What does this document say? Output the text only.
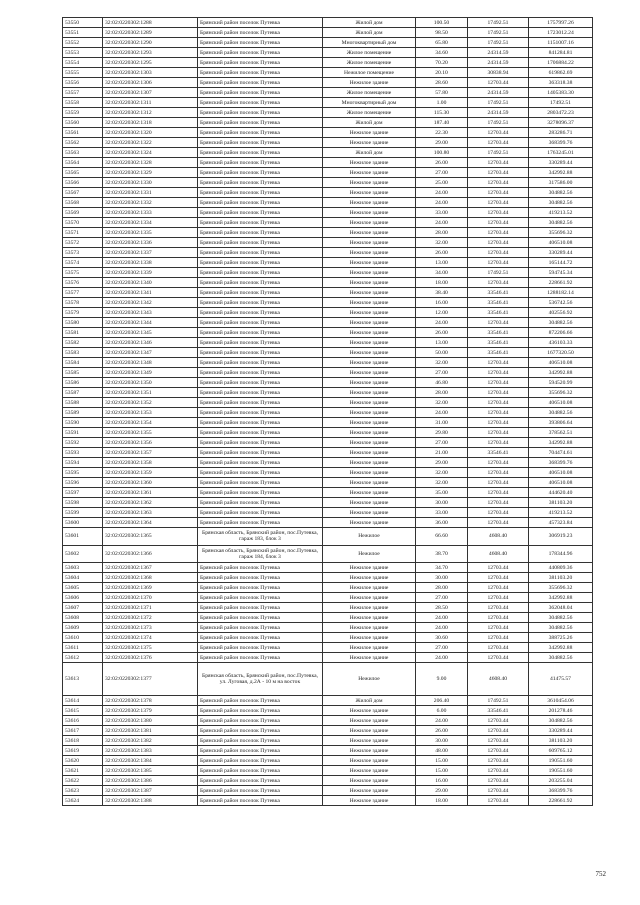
53550	32:02:0220302:1288	Брянский район поселок Путевка	Жилой дом	100.50	17492.51	1757997.26
53551	32:02:0220302:1289	Брянский район поселок Путевка	Жилой дом	98.50	17492.51	1723012.24
53552	32:02:0220302:1290	Брянский район поселок Путевка	Многоквартирный дом	65.80	17492.51	1151007.16
53553	32:02:0220302:1293	Брянский район поселок Путевка	Жилое помещение	34.60	24314.59	841284.81
53554	32:02:0220302:1295	Брянский район поселок Путевка	Жилое помещение	70.20	24314.59	1706884.22
53555	32:02:0220302:1303	Брянский район поселок Путевка	Нежилое помещение	20.10	30838.94	619862.69
53556	32:02:0220302:1306	Брянский район поселок Путевка	Нежилое здание	28.60	12703.44	363318.38
53557	32:02:0220302:1307	Брянский район поселок Путевка	Жилое помещение	57.80	24314.59	1405383.30
53558	32:02:0220302:1311	Брянский район поселок Путевка	Многоквартирный дом	1.00	17492.51	17492.51
53559	32:02:0220302:1312	Брянский район поселок Путевка	Жилое помещение	115.30	24314.59	2803472.23
53560	32:02:0220302:1318	Брянский район поселок Путевка	Жилой дом	187.40	17492.51	3278096.37
53561	32:02:0220302:1320	Брянский район поселок Путевка	Нежилое здание	22.30	12703.44	283286.71
53562	32:02:0220302:1322	Брянский район поселок Путевка	Нежилое здание	29.00	12703.44	368399.76
53563	32:02:0220302:1324	Брянский район поселок Путевка	Жилой дом	100.80	17492.51	1763245.01
53564	32:02:0220302:1328	Брянский район поселок Путевка	Нежилое здание	26.00	12703.44	330289.44
53565	32:02:0220302:1329	Брянский район поселок Путевка	Нежилое здание	27.00	12703.44	342992.88
53566	32:02:0220302:1330	Брянский район поселок Путевка	Нежилое здание	25.00	12703.44	317586.00
53567	32:02:0220302:1331	Брянский район поселок Путевка	Нежилое здание	24.00	12703.44	304882.56
53568	32:02:0220302:1332	Брянский район поселок Путевка	Нежилое здание	24.00	12703.44	304882.56
53569	32:02:0220302:1333	Брянский район поселок Путевка	Нежилое здание	33.00	12703.44	419213.52
53570	32:02:0220302:1334	Брянский район поселок Путевка	Нежилое здание	24.00	12703.44	304882.56
53571	32:02:0220302:1335	Брянский район поселок Путевка	Нежилое здание	28.00	12703.44	355696.32
53572	32:02:0220302:1336	Брянский район поселок Путевка	Нежилое здание	32.00	12703.44	406510.08
53573	32:02:0220302:1337	Брянский район поселок Путевка	Нежилое здание	26.00	12703.44	330289.44
53574	32:02:0220302:1338	Брянский район поселок Путевка	Нежилое здание	13.00	12703.44	165144.72
53575	32:02:0220302:1339	Брянский район поселок Путевка	Нежилое здание	34.00	17492.51	594745.34
53576	32:02:0220302:1340	Брянский район поселок Путевка	Нежилое здание	18.00	12703.44	228661.92
53577	32:02:0220302:1341	Брянский район поселок Путевка	Нежилое здание	38.40	33546.41	1288182.14
53578	32:02:0220302:1342	Брянский район поселок Путевка	Нежилое здание	16.00	33546.41	536742.56
53579	32:02:0220302:1343	Брянский район поселок Путевка	Нежилое здание	12.00	33546.41	402556.92
53580	32:02:0220302:1344	Брянский район поселок Путевка	Нежилое здание	24.00	12703.44	304882.56
53581	32:02:0220302:1345	Брянский район поселок Путевка	Нежилое здание	26.00	33546.41	872206.66
53582	32:02:0220302:1346	Брянский район поселок Путевка	Нежилое здание	13.00	33546.41	436103.33
53583	32:02:0220302:1347	Брянский район поселок Путевка	Нежилое здание	50.00	33546.41	1677320.50
53584	32:02:0220302:1348	Брянский район поселок Путевка	Нежилое здание	32.00	12703.44	406510.08
53585	32:02:0220302:1349	Брянский район поселок Путевка	Нежилое здание	27.00	12703.44	342992.88
53586	32:02:0220302:1350	Брянский район поселок Путевка	Нежилое здание	46.80	12703.44	594520.99
53587	32:02:0220302:1351	Брянский район поселок Путевка	Нежилое здание	28.00	12703.44	355696.32
53588	32:02:0220302:1352	Брянский район поселок Путевка	Нежилое здание	32.00	12703.44	406510.08
53589	32:02:0220302:1353	Брянский район поселок Путевка	Нежилое здание	24.00	12703.44	304882.56
53590	32:02:0220302:1354	Брянский район поселок Путевка	Нежилое здание	31.00	12703.44	393806.64
53591	32:02:0220302:1355	Брянский район поселок Путевка	Нежилое здание	29.80	12703.44	378562.51
53592	32:02:0220302:1356	Брянский район поселок Путевка	Нежилое здание	27.00	12703.44	342992.88
53593	32:02:0220302:1357	Брянский район поселок Путевка	Нежилое здание	21.00	33546.41	704474.61
53594	32:02:0220302:1358	Брянский район поселок Путевка	Нежилое здание	29.00	12703.44	368399.76
53595	32:02:0220302:1359	Брянский район поселок Путевка	Нежилое здание	32.00	12703.44	406510.08
53596	32:02:0220302:1360	Брянский район поселок Путевка	Нежилое здание	32.00	12703.44	406510.08
53597	32:02:0220302:1361	Брянский район поселок Путевка	Нежилое здание	35.00	12703.44	444620.40
53598	32:02:0220302:1362	Брянский район поселок Путевка	Нежилое здание	30.00	12703.44	381103.20
53599	32:02:0220302:1363	Брянский район поселок Путевка	Нежилое здание	33.00	12703.44	419213.52
53600	32:02:0220302:1364	Брянский район поселок Путевка	Нежилое здание	36.00	12703.44	457323.84
53601	32:02:0220302:1365	Брянская область, Брянский район, пос.Путевка, гараж 183, блок 3	Нежилое	66.60	4608.40	306919.23
53602	32:02:0220302:1366	Брянская область, Брянский район, пос.Путевка, гараж 184, блок 3	Нежилое	38.70	4608.40	178344.96
53603	32:02:0220302:1367	Брянский район поселок Путевка	Нежилое здание	34.70	12703.44	440809.36
53604	32:02:0220302:1368	Брянский район поселок Путевка	Нежилое здание	30.00	12703.44	381103.20
53605	32:02:0220302:1369	Брянский район поселок Путевка	Нежилое здание	28.00	12703.44	355696.32
53606	32:02:0220302:1370	Брянский район поселок Путевка	Нежилое здание	27.00	12703.44	342992.88
53607	32:02:0220302:1371	Брянский район поселок Путевка	Нежилое здание	28.50	12703.44	362048.04
53608	32:02:0220302:1372	Брянский район поселок Путевка	Нежилое здание	24.00	12703.44	304882.56
53609	32:02:0220302:1373	Брянский район поселок Путевка	Нежилое здание	24.00	12703.44	304882.56
53610	32:02:0220302:1374	Брянский район поселок Путевка	Нежилое здание	30.60	12703.44	388725.26
53611	32:02:0220302:1375	Брянский район поселок Путевка	Нежилое здание	27.00	12703.44	342992.88
53612	32:02:0220302:1376	Брянский район поселок Путевка	Нежилое здание	24.00	12703.44	304882.56
53613	32:02:0220302:1377	Брянская область, Брянский район, пос.Путевка, ул. Луговая, д.2А - 10 м на восток	Нежилое	9.00	4608.40	41475.57
53614	32:02:0220302:1378	Брянский район поселок Путевка	Жилой дом	206.40	17492.51	3610454.06
53615	32:02:0220302:1379	Брянский район поселок Путевка	Нежилое здание	6.00	33546.41	201278.46
53616	32:02:0220302:1380	Брянский район поселок Путевка	Нежилое здание	24.00	12703.44	304882.56
53617	32:02:0220302:1381	Брянский район поселок Путевка	Нежилое здание	26.00	12703.44	330289.44
53618	32:02:0220302:1382	Брянский район поселок Путевка	Нежилое здание	30.00	12703.44	381103.20
53619	32:02:0220302:1383	Брянский район поселок Путевка	Нежилое здание	48.00	12703.44	609765.12
53620	32:02:0220302:1384	Брянский район поселок Путевка	Нежилое здание	15.00	12703.44	190551.60
53621	32:02:0220302:1385	Брянский район поселок Путевка	Нежилое здание	15.00	12703.44	190551.60
53622	32:02:0220302:1386	Брянский район поселок Путевка	Нежилое здание	16.00	12703.44	203255.04
53623	32:02:0220302:1387	Брянский район поселок Путевка	Нежилое здание	29.00	12703.44	368399.76
53624	32:02:0220302:1388	Брянский район поселок Путевка	Нежилое здание	18.00	12703.44	228661.92
752
